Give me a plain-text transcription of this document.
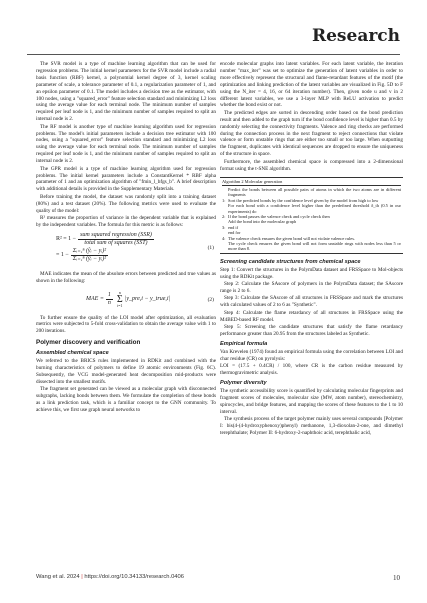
Research

The SVR model is a type of machine learning algorithm that can be used for regression problems. The initial kernel parameters for the SVR model include a radial basis function (RBF) kernel, a polynomial kernel degree of 3, kernel scaling parameter of scale, a tolerance parameter of 0.1, a regularization parameter of 1, and an epsilon parameter of 0.1. The model includes a decision tree as the estimator, with 100 nodes, using a "squared_error" feature selection standard and minimizing L2 loss using the average value for each terminal node. The minimum number of samples required per leaf node is 1, and the minimum number of samples required to split an internal node is 2.

The RF model is another type of machine learning algorithm used for regression problems. The model's initial parameters include a decision tree estimator with 100 nodes, using a "squared_error" feature selection standard and minimizing L2 loss using the average value for each terminal node. The minimum number of samples required per leaf node is 1, and the minimum number of samples required to split an internal node is 2.

The GPR model is a type of machine learning algorithm used for regression problems. The initial kernel parameters include a ConstantKernel * RBF alpha parameter of 1 and an optimization algorithm of "fmin_l_bfgs_b". A brief description with additional details is provided in the Supplementary Materials.

Before training the model, the dataset was randomly split into a training dataset (80%) and a test dataset (20%). The following metrics were used to evaluate the quality of the model:

R² measures the proportion of variance in the dependent variable that is explained by the independent variables. The formula for this metric is as follows:

$R^2 = 1 - \frac{\text{sum squared regression (SSR)}}{\text{total sum of squares (SST)}}$
= $1 - \frac{\text{Σᵢ₌₁ⁿ (ŷᵢ − yᵢ)²}}{\text{Σᵢ₌₁ⁿ (ȳᵢ − yᵢ)²}}$
(1)

MAE indicates the mean of the absolute errors between predicted and true values as shown in the following:

MAE = $\frac{1}{n}$ n
Σ
i=1
|y_pre,i − y_true,i|	(2)

To further ensure the quality of the LOI model after optimization, all evaluation metrics were subjected to 5-fold cross-validation to obtain the average value with 1 to 200 iterations.

Polymer discovery and verification
Assembled chemical space

We referred to the BRICS rules implemented in RDKit and combined with the burning characteristics of polymers to define 19 atomic environments (Fig. 6C). Subsequently, the VCG model-generated heat decomposition mid-products were dissected into the smallest motifs.

The fragment set generated can be viewed as a molecular graph with disconnected subgraphs, lacking bonds between them. We formulate the completion of these bonds as a link prediction task, which is a familiar concept to the GNN community. To achieve this, we first use graph neural networks to

encode molecular graphs into latent variables. For each latent variable, the iteration number "max_iter" was set to optimize the generation of latent variables in order to more effectively represent the structural and flame-retardant features of the motif (the optimization and linking prediction of the latent variables are visualized in Fig. 5D to F using the N_iter = 4, 16, or 64 iteration number). Then, given node u and v in 2 different latent variables, we use a 3-layer MLP with ReLU activation to predict whether the bond exist or not.

The predicted edges are sorted in descending order based on the bond prediction result and then added to the graph turn if the bond confidence level is higher than 0.5 by randomly selecting the connectivity fragments. Valence and ring checks are performed during the connection process in the next fragment to reject connections that violate valence or form unstable rings that are either too small or too large. When outputting the fragment, duplicates with identical sequences are dropped to ensure the uniqueness of the structure in space.

Furthermore, the assembled chemical space is compressed into a 2-dimensional format using the t-SNE algorithm.

Algorithm 2 Molecular generation
Predict the bonds between all possible pairs of atoms in which the two atoms are in different fragments
1: Sort the predicted bonds by the confidence level given by the model from high to low
For each bond with a confidence level higher than the predefined threshold δ_th (0.5 in our experiments) do
2: If the bond passes the valence check and cycle check then
Add the bond into the molecular graph
3: end if
end for
4: The valence check ensures the given bond will not violate valence rules.
The cycle check ensures the given bond will not form unstable rings with nodes less than 5 or more than 8.
Screening candidate structures from chemical space

Step 1: Convert the structures in the PolymData dataset and FRSSpace to Mol-objects using the RDKit package.

Step 2: Calculate the SAscore of polymers in the PolymData dataset; the SAscore range is 2 to 6.

Step 3: Calculate the SAscore of all structures in FRSSpace and mark the structures with calculated values of 2 to 6 as "Synthetic".

Step 4: Calculate the flame retardancy of all structures in FRSSpace using the M4BED-based RF model.

Step 5: Screening the candidate structures that satisfy the flame retardancy performance greater than 20.95 from the structures labeled as Synthetic.

Empirical formula

Van Krevelen (1974) found an empirical formula using the correlation between LOI and char residue (CR) on pyrolysis:

LOI = (17.5 + 0.4CR) / 100, where CR is the carbon residue measured by thermogravimetric analysis.

Polymer diversity

The synthetic accessibility score is quantified by calculating molecular fingerprints and fragment scores of molecules, molecular size (MW, atom number), stereochemistry, spirocycles, and bridge features, and mapping the scores of these features to the 1 to 10 interval.

The synthesis process of the target polymer mainly uses several compounds [Polymer I: bis(4-(4-hydroxyphenoxy)phenyl) methanone, 1,3-dioxolan-2-one, and dimethyl terephthalate; Polymer II: 6-hydroxy-2-naphthoic acid, terephthalic acid,

Wang et al. 2024 | https://doi.org/10.34133/research.0406	10
